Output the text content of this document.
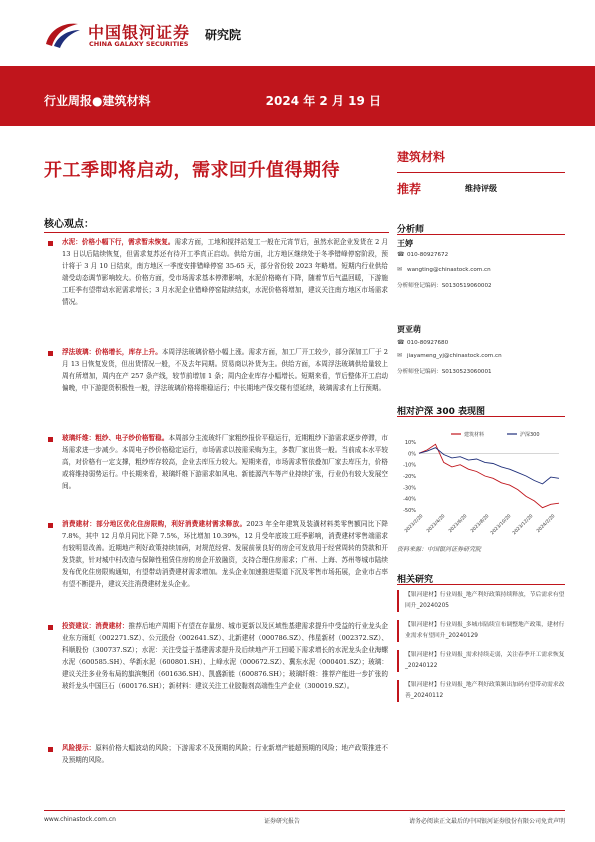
中国银河证券
CHINA GALAXY SECURITIES
研究院
行业周报●建筑材料	2024 年 2 月 19 日
开工季即将启动，需求回升值得期待
建筑材料
推荐	维持评级
核心观点：
水泥：价格小幅下行，需求暂未恢复。需求方面，工地和搅拌站复工一般在元宵节后，虽然水泥企业发货在 2 月 13 日以后陆续恢复，但需求复苏还有待开工季真正启动。供给方面，北方地区继续处于冬季错峰停窑阶段，预计将于 3 月 10 日结束，南方地区一季度安排错峰停窑 35-65 天，部分省份较 2023 年略增。短期内行业供给端受动态调节影响较大。价格方面，受市场需求基本停滞影响，水泥价格略有下降，随着节后气温回暖，下游施工旺季有望带动水泥需求增长；3 月水泥企业错峰停窑陆续结束，水泥价格将增加，建议关注南方地区市场需求情况。
浮法玻璃：价格增长，库存上升。本周浮法玻璃价格小幅上涨。需求方面，加工厂开工较少，部分深加工厂于 2 月 13 日恢复发货，但出货情况一般，不及去年同期。贸易商以补货为主。供给方面，本周浮法玻璃供给量较上周有所增加，周内在产 257 条产线，较节前增加 1 条；周内企业库存小幅增长。短期来看，节后整体开工启动偏晚，中下游提货积极性一般，浮法玻璃价格将维稳运行；中长期地产保交楼有望延续，玻璃需求有上行预期。
玻璃纤维：粗纱、电子纱价格暂稳。本周部分主流玻纤厂家粗纱报价平稳运行，近期粗纱下游需求逐步停滞，市场需求进一步减少。本周电子纱价格稳定运行，市场需求以按需采购为主，多数厂家出货一般。当前成本水平较高，对价格有一定支撑，粗纱库存较高，企业去库压力较大。短期来看，市场需求暂依叠加厂家去库压力，价格或将维持弱势运行。中长期来看，玻璃纤维下游需求如风电、新能源汽车等产业持续扩张，行业仍有较大发展空间。
消费建材：部分地区优化住房限购，利好消费建材需求释放。2023 年全年建筑及装潢材料类零售额同比下降 7.8%，其中 12 月单月同比下降 7.5%，环比增加 10.39%，12 月受年底竣工旺季影响，消费建材零售端需求有较明显改善。近期地产利好政策持续加码，对规范经营、发展前景良好的房企可发放用于经营周转的贷款和开发贷款，针对城中村改造与保障性租赁住房的房企开放融资，支持合理住房需求；广州、上海、苏州等城市陆续发布优化住房限购通知，有望带动消费建材需求增加。龙头企业加速推进渠道下沉及零售市场拓展，企业市占率有望不断提升，建议关注消费建材龙头企业。
投资建议：消费建材：推荐后地产周期下有望在存量房、城市更新以及区域性基建需求提升中受益的行业龙头企业东方雨虹（002271.SZ）、公元股份（002641.SZ）、北新建材（000786.SZ）、伟星新材（002372.SZ）、科顺股份（300737.SZ）；水泥：关注受益于基建需求提升及后续地产开工回暖下需求增长的水泥龙头企业海螺水泥（600585.SH）、华新水泥（600801.SH）、上峰水泥（000672.SZ）、冀东水泥（000401.SZ）；玻璃：建议关注多业务布局的旗滨集团（601636.SH）、凯盛新能（600876.SH）；玻璃纤维：推荐产能进一步扩张的玻纤龙头中国巨石（600176.SH）；新材料：建议关注工业胶黏剂高端性生产企业（300019.SZ）。
风险提示：原料价格大幅波动的风险；下游需求不及预期的风险；行业新增产能超预期的风险；地产政策推进不及预期的风险。
分析师
王婷
☎ 010-80927672
✉ wangting@chinastock.com.cn
分析师登记编码：S0130519060002
贾亚萌
☎ 010-80927680
✉ jiayameng_yj@chinastock.com.cn
分析师登记编码：S0130523060001
相对沪深 300 表现图
10%
0%
-10%
-20%
-30%
-40%
-50%
建筑材料	沪深300
2023/2/20 2023/4/20 2023/6/20 2023/8/20 2023/10/20 2023/12/20 2024/2/20
资料来源：中国银河证券研究院
相关研究
【银河建材】行业周报_地产利好政策持续释放，节后需求有望回升_20240205
【银河建材】行业周报_多城市陆续宣布调整地产政策，建材行业需求有望回升_20240129
【银河建材】行业周报_需求持续走弱，关注春季开工需求恢复_20240122
【银河建材】行业周报_地产利好政策频出加码有望带动需求改善_20240112
www.chinastock.com.cn	证券研究报告	请务必阅读正文最后的中国银河证券股份有限公司免责声明
